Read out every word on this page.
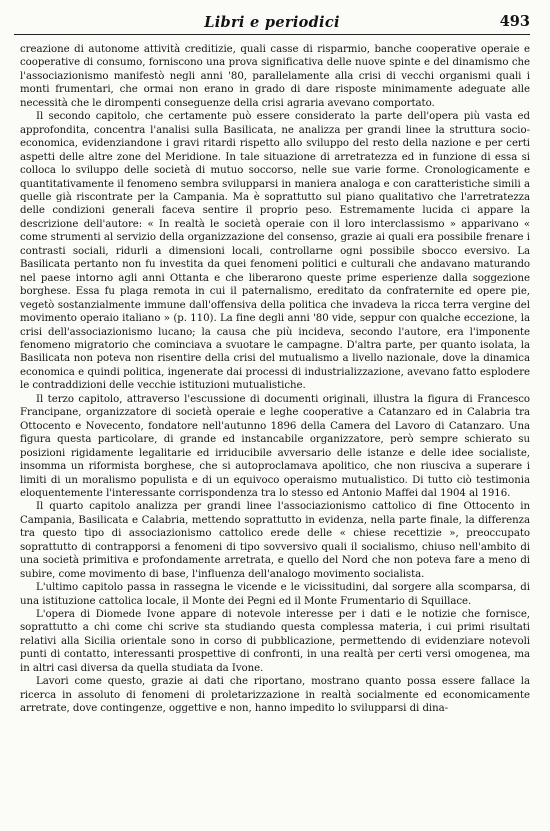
Libri e periodici	493

creazione di autonome attività creditizie, quali casse di risparmio, banche cooperative operaie e cooperative di consumo, forniscono una prova significativa delle nuove spinte e del dinamismo che l'associazionismo manifestò negli anni '80, parallelamente alla crisi di vecchi organismi quali i monti frumentari, che ormai non erano in grado di dare risposte minimamente adeguate alle necessità che le dirompenti conseguenze della crisi agraria avevano comportato.

Il secondo capitolo, che certamente può essere considerato la parte dell'opera più vasta ed approfondita, concentra l'analisi sulla Basilicata, ne analizza per grandi linee la struttura socio-economica, evidenziandone i gravi ritardi rispetto allo sviluppo del resto della nazione e per certi aspetti delle altre zone del Meridione. In tale situazione di arretratezza ed in funzione di essa si colloca lo sviluppo delle società di mutuo soccorso, nelle sue varie forme. Cronologicamente e quantitativamente il fenomeno sembra svilupparsi in maniera analoga e con caratteristiche simili a quelle già riscontrate per la Campania. Ma è soprattutto sul piano qualitativo che l'arretratezza delle condizioni generali faceva sentire il proprio peso. Estremamente lucida ci appare la descrizione dell'autore: « In realtà le società operaie con il loro interclassismo » apparivano « come strumenti al servizio della organizzazione del consenso, grazie ai quali era possibile frenare i contrasti sociali, ridurli a dimensioni locali, controllarne ogni possibile sbocco eversivo. La Basilicata pertanto non fu investita da quei fenomeni politici e culturali che andavano maturando nel paese intorno agli anni Ottanta e che liberarono queste prime esperienze dalla soggezione borghese. Essa fu plaga remota in cui il paternalismo, ereditato da confraternite ed opere pie, vegetò sostanzialmente immune dall'offensiva della politica che invadeva la ricca terra vergine del movimento operaio italiano » (p. 110). La fine degli anni '80 vide, seppur con qualche eccezione, la crisi dell'associazionismo lucano; la causa che più incideva, secondo l'autore, era l'imponente fenomeno migratorio che cominciava a svuotare le campagne. D'altra parte, per quanto isolata, la Basilicata non poteva non risentire della crisi del mutualismo a livello nazionale, dove la dinamica economica e quindi politica, ingenerate dai processi di industrializzazione, avevano fatto esplodere le contraddizioni delle vecchie istituzioni mutualistiche.

Il terzo capitolo, attraverso l'escussione di documenti originali, illustra la figura di Francesco Francipane, organizzatore di società operaie e leghe cooperative a Catanzaro ed in Calabria tra Ottocento e Novecento, fondatore nell'autunno 1896 della Camera del Lavoro di Catanzaro. Una figura questa particolare, di grande ed instancabile organizzatore, però sempre schierato su posizioni rigidamente legalitarie ed irriducibile avversario delle istanze e delle idee socialiste, insomma un riformista borghese, che si autoproclamava apolitico, che non riusciva a superare i limiti di un moralismo populista e di un equivoco operaismo mutualistico. Di tutto ciò testimonia eloquentemente l'interessante corrispondenza tra lo stesso ed Antonio Maffei dal 1904 al 1916.

Il quarto capitolo analizza per grandi linee l'associazionismo cattolico di fine Ottocento in Campania, Basilicata e Calabria, mettendo soprattutto in evidenza, nella parte finale, la differenza tra questo tipo di associazionismo cattolico erede delle « chiese recettizie », preoccupato soprattutto di contrapporsi a fenomeni di tipo sovversivo quali il socialismo, chiuso nell'ambito di una società primitiva e profondamente arretrata, e quello del Nord che non poteva fare a meno di subire, come movimento di base, l'influenza dell'analogo movimento socialista.

L'ultimo capitolo passa in rassegna le vicende e le vicissitudini, dal sorgere alla scomparsa, di una istituzione cattolica locale, il Monte dei Pegni ed il Monte Frumentario di Squillace.

L'opera di Diomede Ivone appare di notevole interesse per i dati e le notizie che fornisce, soprattutto a chi come chi scrive sta studiando questa complessa materia, i cui primi risultati relativi alla Sicilia orientale sono in corso di pubblicazione, permettendo di evidenziare notevoli punti di contatto, interessanti prospettive di confronti, in una realtà per certi versi omogenea, ma in altri casi diversa da quella studiata da Ivone.

Lavori come questo, grazie ai dati che riportano, mostrano quanto possa essere fallace la ricerca in assoluto di fenomeni di proletarizzazione in realtà socialmente ed economicamente arretrate, dove contingenze, oggettive e non, hanno impedito lo svilupparsi di dina-
